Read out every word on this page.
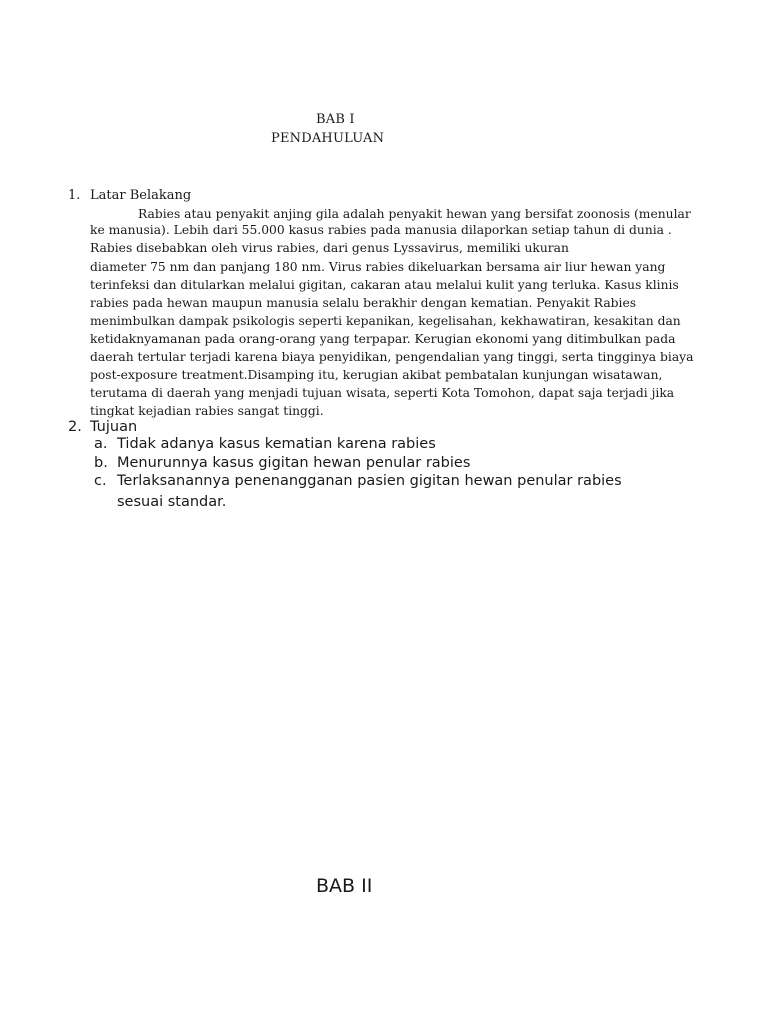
BAB I
PENDAHULUAN
1. Latar Belakang
Rabies atau penyakit anjing gila adalah penyakit hewan yang bersifat zoonosis (menular
ke manusia). Lebih dari 55.000 kasus rabies pada manusia dilaporkan setiap tahun di dunia .
Rabies disebabkan oleh virus rabies, dari genus Lyssavirus, memiliki ukuran
diameter 75 nm dan panjang 180 nm. Virus rabies dikeluarkan bersama air liur hewan yang
terinfeksi dan ditularkan melalui gigitan, cakaran atau melalui kulit yang terluka. Kasus klinis
rabies pada hewan maupun manusia selalu berakhir dengan kematian. Penyakit Rabies
menimbulkan dampak psikologis seperti kepanikan, kegelisahan, kekhawatiran, kesakitan dan
ketidaknyamanan pada orang-orang yang terpapar. Kerugian ekonomi yang ditimbulkan pada
daerah tertular terjadi karena biaya penyidikan, pengendalian yang tinggi, serta tingginya biaya
post-exposure treatment.Disamping itu, kerugian akibat pembatalan kunjungan wisatawan,
terutama di daerah yang menjadi tujuan wisata, seperti Kota Tomohon, dapat saja terjadi jika
tingkat kejadian rabies sangat tinggi.
2. Tujuan
a. Tidak adanya kasus kematian karena rabies
b. Menurunnya kasus gigitan hewan penular rabies
c. Terlaksanannya penenangganan pasien gigitan hewan penular rabies
sesuai standar.
BAB II
